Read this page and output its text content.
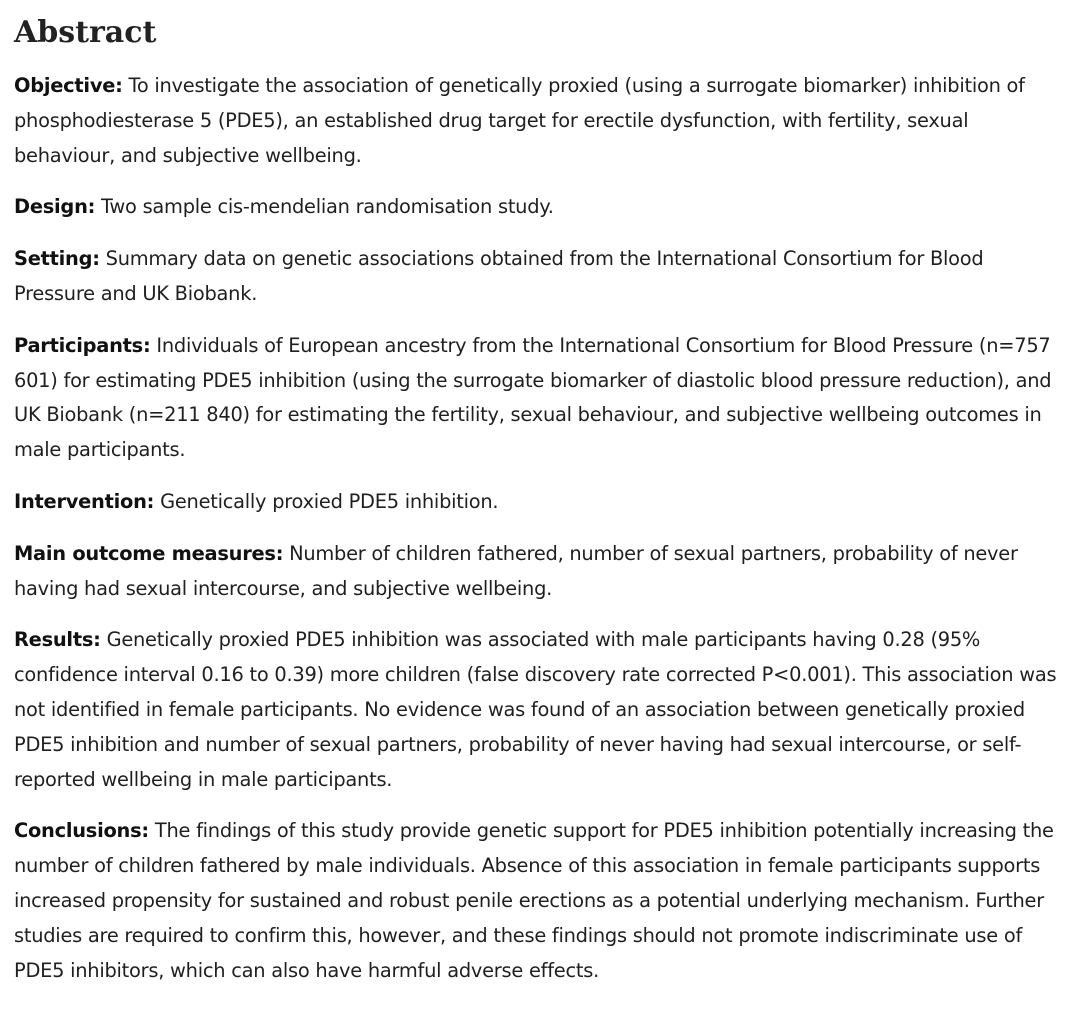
Abstract

Objective: To investigate the association of genetically proxied (using a surrogate biomarker) inhibition of phosphodiesterase 5 (PDE5), an established drug target for erectile dysfunction, with fertility, sexual behaviour, and subjective wellbeing.

Design: Two sample cis-mendelian randomisation study.

Setting: Summary data on genetic associations obtained from the International Consortium for Blood Pressure and UK Biobank.

Participants: Individuals of European ancestry from the International Consortium for Blood Pressure (n=757 601) for estimating PDE5 inhibition (using the surrogate biomarker of diastolic blood pressure reduction), and UK Biobank (n=211 840) for estimating the fertility, sexual behaviour, and subjective wellbeing outcomes in male participants.

Intervention: Genetically proxied PDE5 inhibition.

Main outcome measures: Number of children fathered, number of sexual partners, probability of never having had sexual intercourse, and subjective wellbeing.

Results: Genetically proxied PDE5 inhibition was associated with male participants having 0.28 (95% confidence interval 0.16 to 0.39) more children (false discovery rate corrected P<0.001). This association was not identified in female participants. No evidence was found of an association between genetically proxied PDE5 inhibition and number of sexual partners, probability of never having had sexual intercourse, or self-reported wellbeing in male participants.

Conclusions: The findings of this study provide genetic support for PDE5 inhibition potentially increasing the number of children fathered by male individuals. Absence of this association in female participants supports increased propensity for sustained and robust penile erections as a potential underlying mechanism. Further studies are required to confirm this, however, and these findings should not promote indiscriminate use of PDE5 inhibitors, which can also have harmful adverse effects.
